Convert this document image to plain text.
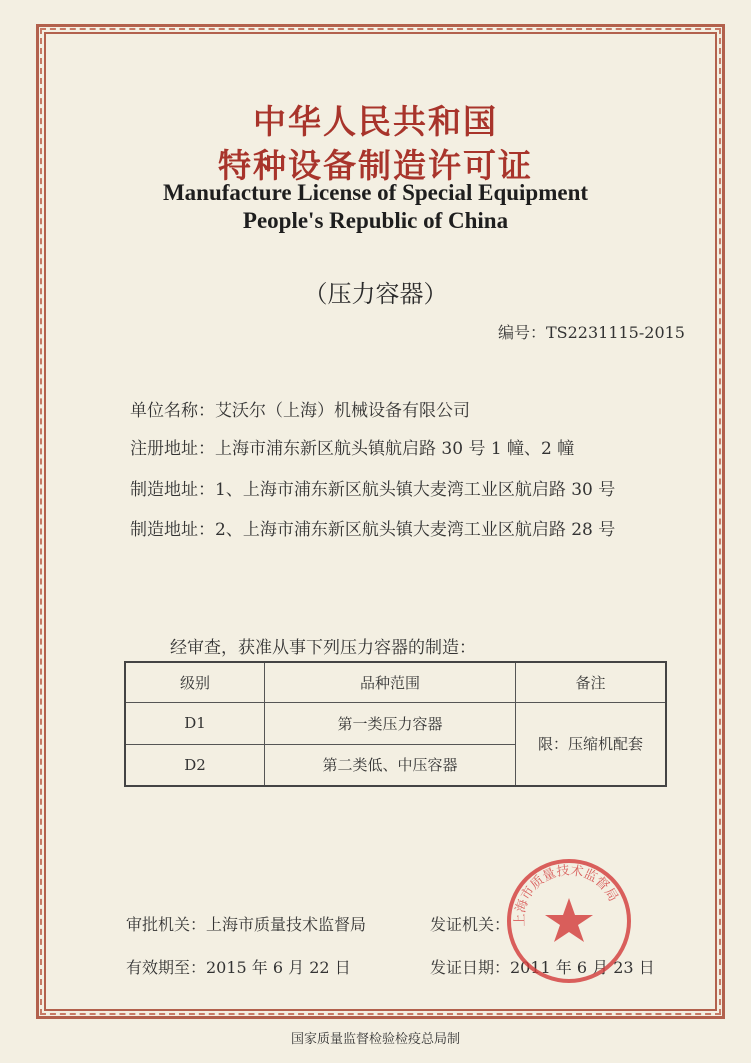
中华人民共和国
特种设备制造许可证
Manufacture License of Special Equipment
People's Republic of China
（压力容器）
编号：TS2231115-2015
单位名称：艾沃尔（上海）机械设备有限公司
注册地址：上海市浦东新区航头镇航启路 30 号 1 幢、2 幢
制造地址：1、上海市浦东新区航头镇大麦湾工业区航启路 30 号
制造地址：2、上海市浦东新区航头镇大麦湾工业区航启路 28 号
经审查，获准从事下列压力容器的制造：
级别	品种范围	备注
D1	第一类压力容器	限：压缩机配套
D2	第二类低、中压容器	
审批机关：上海市质量技术监督局
有效期至：2015 年 6 月 22 日
发证机关：
发证日期：2011 年 6 月 23 日
上海市质量技术监督局
国家质量监督检验检疫总局制
